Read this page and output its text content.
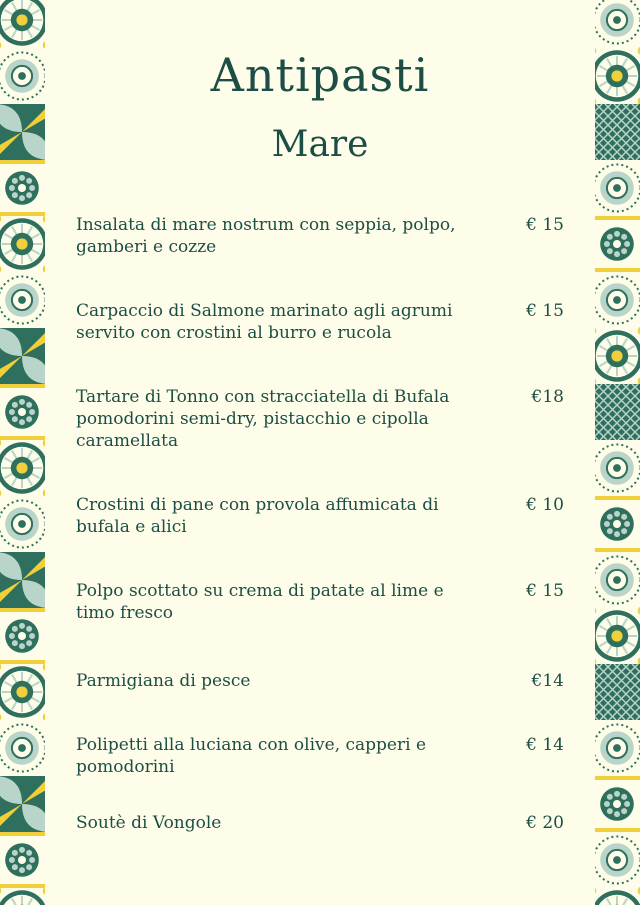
Antipasti
Mare
Insalata di mare nostrum con seppia, polpo, gamberi e cozze
€ 15
Carpaccio di Salmone marinato agli agrumi servito con crostini al burro e rucola
€ 15
Tartare di Tonno con stracciatella di Bufala pomodorini semi-dry, pistacchio e cipolla caramellata
€18
Crostini di pane con provola affumicata di bufala e alici
€ 10
Polpo scottato su crema di patate al lime e timo fresco
€ 15
Parmigiana di pesce	€14
Polipetti alla luciana con olive, capperi e pomodorini
€ 14
Soutè di Vongole	€ 20
